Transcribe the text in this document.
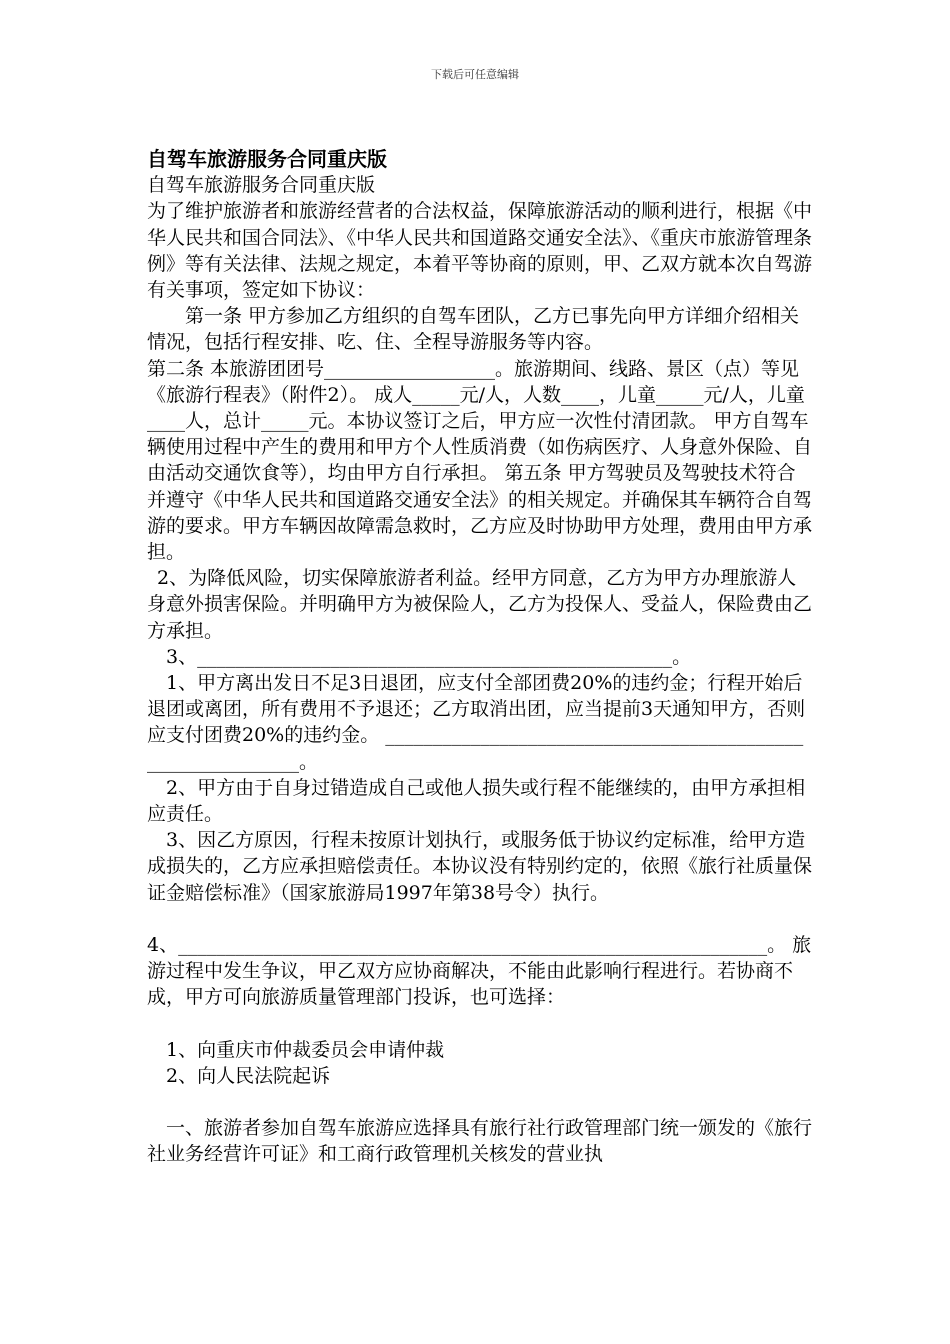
下载后可任意编辑

自驾车旅游服务合同重庆版

自驾车旅游服务合同重庆版

为了维护旅游者和旅游经营者的合法权益，保障旅游活动的顺利进行，根据《中华人民共和国合同法》、《中华人民共和国道路交通安全法》、《重庆市旅游管理条例》等有关法律、法规之规定，本着平等协商的原则，甲、乙双方就本次自驾游有关事项，签定如下协议：

第一条 甲方参加乙方组织的自驾车团队，乙方已事先向甲方详细介绍相关情况，包括行程安排、吃、住、全程导游服务等内容。

第二条 本旅游团团号__________________。旅游期间、线路、景区（点）等见《旅游行程表》（附件2）。 成人_____元/人，人数____，儿童_____元/人，儿童____人，总计_____元。本协议签订之后，甲方应一次性付清团款。 甲方自驾车辆使用过程中产生的费用和甲方个人性质消费（如伤病医疗、人身意外保险、自由活动交通饮食等），均由甲方自行承担。 第五条 甲方驾驶员及驾驶技术符合并遵守《中华人民共和国道路交通安全法》的相关规定。并确保其车辆符合自驾游的要求。甲方车辆因故障需急救时，乙方应及时协助甲方处理，费用由甲方承担。

2、为降低风险，切实保障旅游者利益。经甲方同意，乙方为甲方办理旅游人身意外损害保险。并明确甲方为被保险人，乙方为投保人、受益人，保险费由乙方承担。

3、__________________________________________________。

1、甲方离出发日不足3日退团，应支付全部团费20%的违约金；行程开始后退团或离团，所有费用不予退还；乙方取消出团，应当提前3天通知甲方，否则应支付团费20%的违约金。 ____________________________________________________________。

2、甲方由于自身过错造成自己或他人损失或行程不能继续的，由甲方承担相应责任。

3、因乙方原因，行程未按原计划执行，或服务低于协议约定标准，给甲方造成损失的，乙方应承担赔偿责任。本协议没有特别约定的，依照《旅行社质量保证金赔偿标准》（国家旅游局1997年第38号令）执行。

4、______________________________________________________________。 旅游过程中发生争议，甲乙双方应协商解决，不能由此影响行程进行。若协商不成，甲方可向旅游质量管理部门投诉，也可选择：

1、向重庆市仲裁委员会申请仲裁

2、向人民法院起诉

一、旅游者参加自驾车旅游应选择具有旅行社行政管理部门统一颁发的《旅行社业务经营许可证》和工商行政管理机关核发的营业执
